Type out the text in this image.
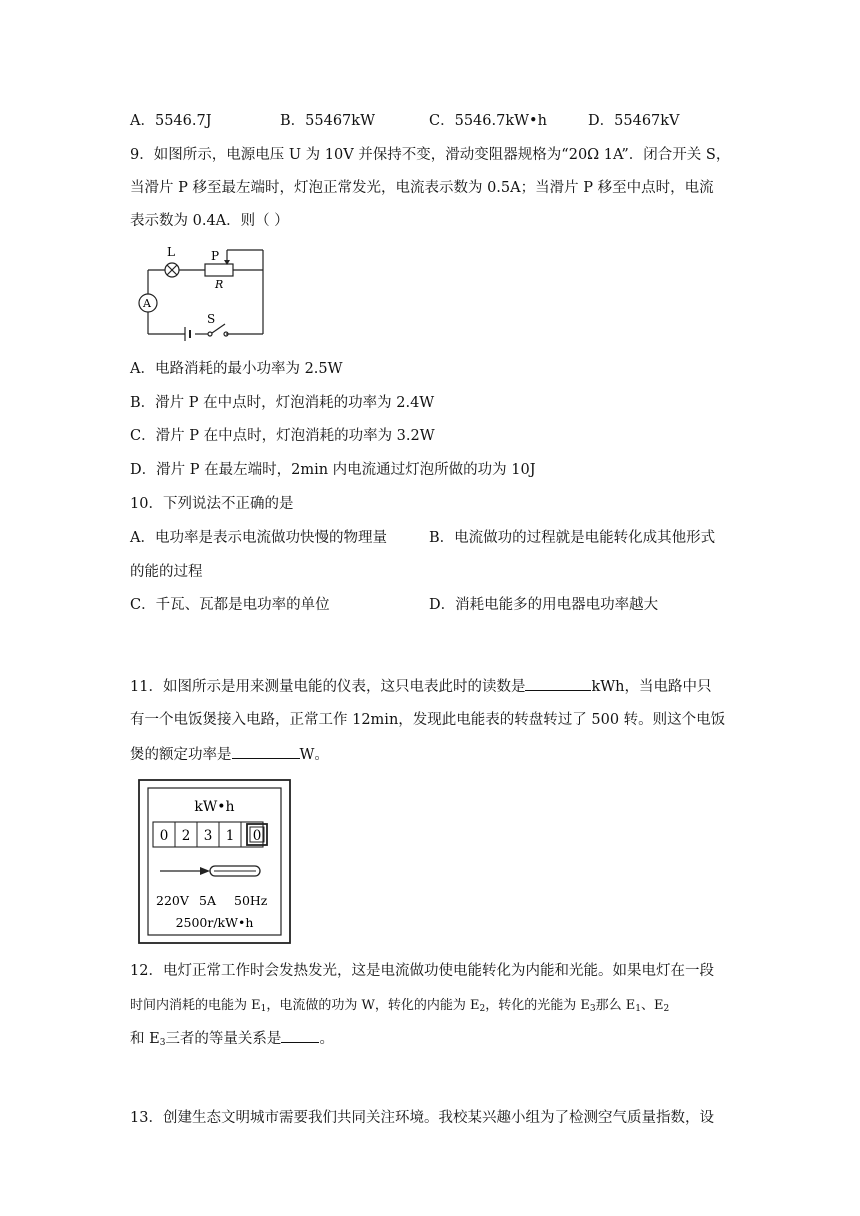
A．5546.7J	B．55467kW	C．5546.7kW•h	D．55467kV
9．如图所示，电源电压 U 为 10V 并保持不变，滑动变阻器规格为“20Ω 1A”．闭合开关 S，
当滑片 P 移至最左端时，灯泡正常发光，电流表示数为 0.5A；当滑片 P 移至中点时，电流
表示数为 0.4A．则（ ）
L	P
R
A
S
A．电路消耗的最小功率为 2.5W
B．滑片 P 在中点时，灯泡消耗的功率为 2.4W
C．滑片 P 在中点时，灯泡消耗的功率为 3.2W
D．滑片 P 在最左端时，2min 内电流通过灯泡所做的功为 10J
10．下列说法不正确的是
A．电功率是表示电流做功快慢的物理量	B．电流做功的过程就是电能转化成其他形式
的能的过程
C．千瓦、瓦都是电功率的单位	D．消耗电能多的用电器电功率越大
11．如图所示是用来测量电能的仪表，这只电表此时的读数是	kWh，当电路中只
有一个电饭煲接入电路，正常工作 12min，发现此电能表的转盘转过了 500 转。则这个电饭
煲的额定功率是	W。
kW•h
0 2 3 1 0
220V 5A 50Hz
2500r/kW•h
12．电灯正常工作时会发热发光，这是电流做功使电能转化为内能和光能。如果电灯在一段
时间内消耗的电能为 $E_1$，电流做的功为 W，转化的内能为 $E_2$，转化的光能为 $E_3$那么 $E_1$、$E_2$
和 $E_3$三者的等量关系是	。
13．创建生态文明城市需要我们共同关注环境。我校某兴趣小组为了检测空气质量指数，设
